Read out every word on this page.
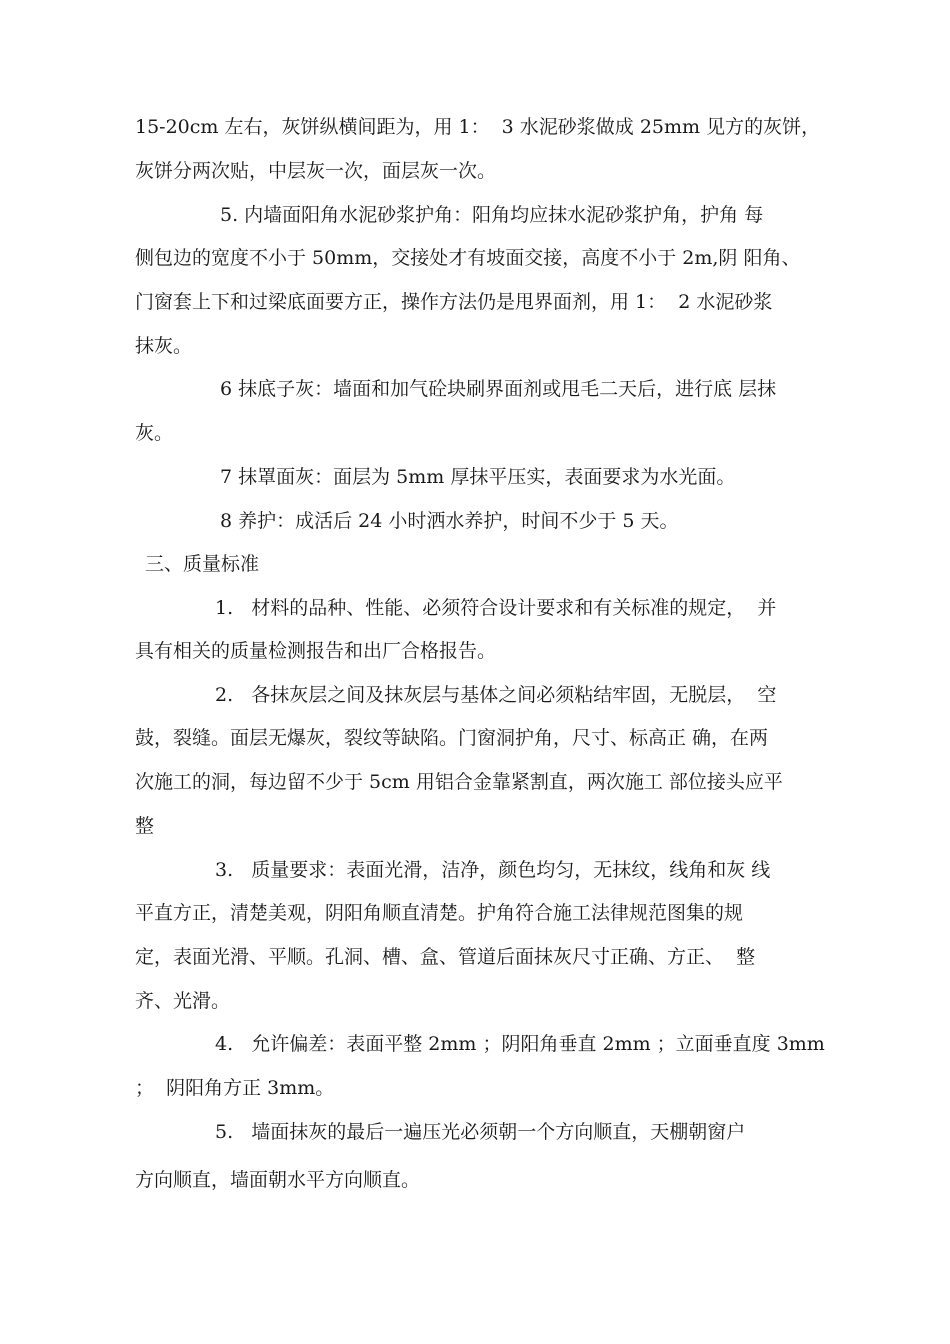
15-20cm 左右，灰饼纵横间距为，用 1：  3 水泥砂浆做成 25mm 见方的灰饼，

灰饼分两次贴，中层灰一次，面层灰一次。

5. 内墙面阳角水泥砂浆护角：阳角均应抹水泥砂浆护角，护角 每

侧包边的宽度不小于 50mm，交接处才有坡面交接，高度不小于 2m,阴 阳角、

门窗套上下和过梁底面要方正，操作方法仍是甩界面剂，用 1：  2 水泥砂浆

抹灰。

6 抹底子灰：墙面和加气砼块刷界面剂或甩毛二天后，进行底 层抹

灰。

7 抹罩面灰：面层为 5mm 厚抹平压实，表面要求为水光面。

8 养护：成活后 24 小时洒水养护，时间不少于 5 天。

三、质量标准

1.   材料的品种、性能、必须符合设计要求和有关标准的规定，  并

具有相关的质量检测报告和出厂合格报告。

2.   各抹灰层之间及抹灰层与基体之间必须粘结牢固，无脱层，  空

鼓，裂缝。面层无爆灰，裂纹等缺陷。门窗洞护角，尺寸、标高正 确，在两

次施工的洞，每边留不少于 5cm 用铝合金靠紧割直，两次施工 部位接头应平

整

3.   质量要求：表面光滑，洁净，颜色均匀，无抹纹，线角和灰 线

平直方正，清楚美观，阴阳角顺直清楚。护角符合施工法律规范图集的规

定，表面光滑、平顺。孔洞、槽、盒、管道后面抹灰尺寸正确、方正、  整

齐、光滑。

4.   允许偏差：表面平整 2mm ；阴阳角垂直 2mm ；立面垂直度 3mm

；  阴阳角方正 3mm。

5.   墙面抹灰的最后一遍压光必须朝一个方向顺直，天棚朝窗户

方向顺直，墙面朝水平方向顺直。
